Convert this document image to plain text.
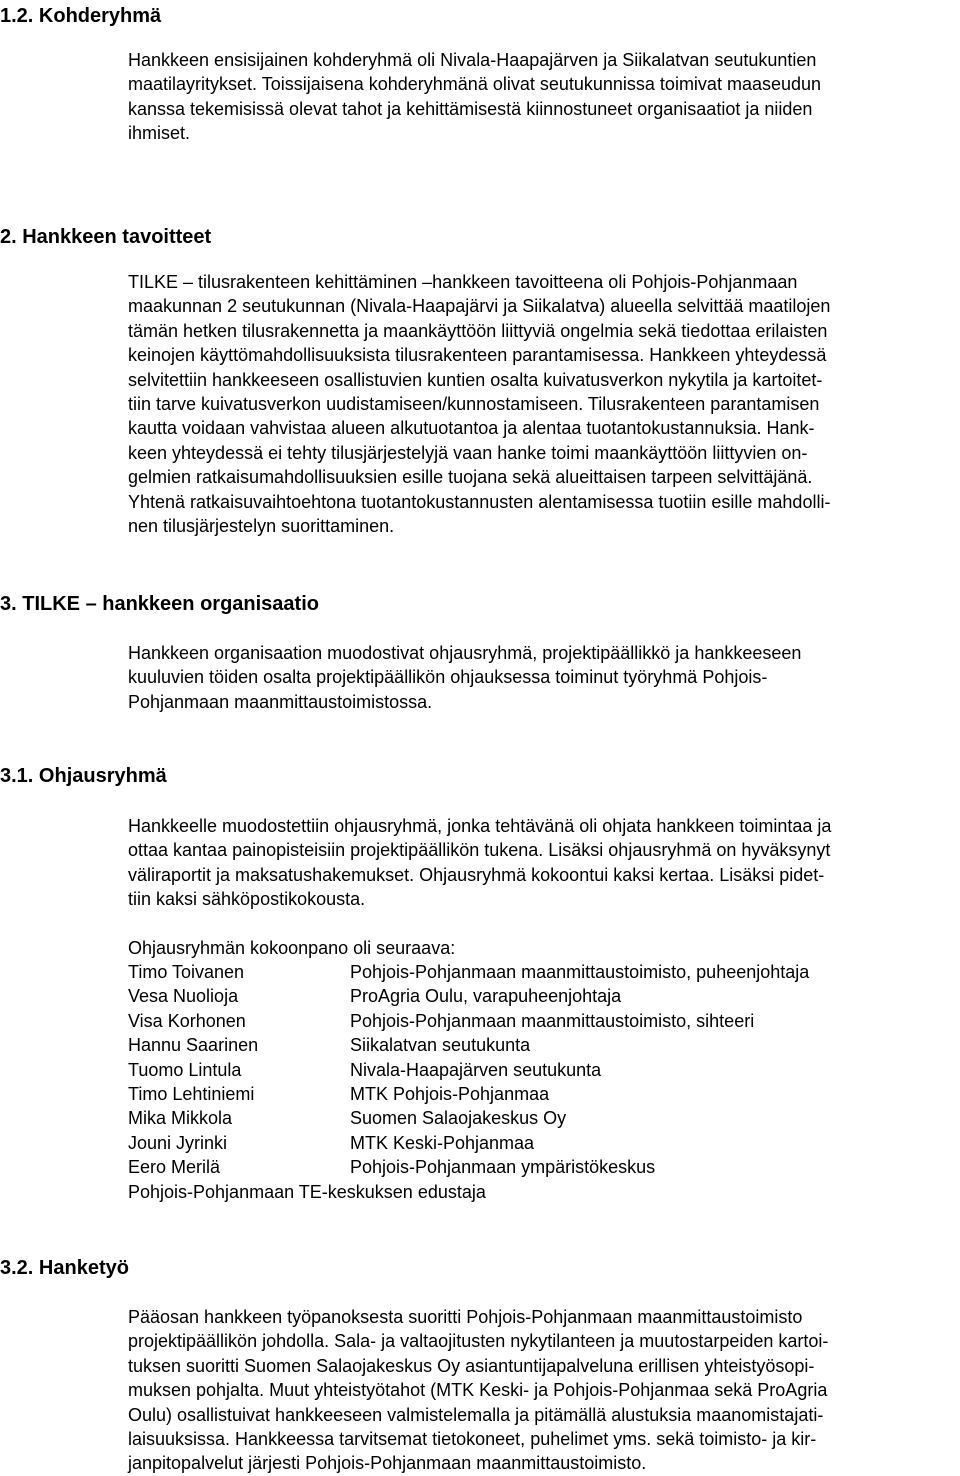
1.2. Kohderyhmä
Hankkeen ensisijainen kohderyhmä oli Nivala-Haapajärven ja Siikalatvan seutukuntien
maatilayritykset. Toissijaisena kohderyhmänä olivat seutukunnissa toimivat maaseudun
kanssa tekemisissä olevat tahot ja kehittämisestä kiinnostuneet organisaatiot ja niiden
ihmiset.
2. Hankkeen tavoitteet
TILKE – tilusrakenteen kehittäminen –hankkeen tavoitteena oli Pohjois-Pohjanmaan
maakunnan 2 seutukunnan (Nivala-Haapajärvi ja Siikalatva) alueella selvittää maatilojen
tämän hetken tilusrakennetta ja maankäyttöön liittyviä ongelmia sekä tiedottaa erilaisten
keinojen käyttömahdollisuuksista tilusrakenteen parantamisessa. Hankkeen yhteydessä
selvitettiin hankkeeseen osallistuvien kuntien osalta kuivatusverkon nykytila ja kartoitet-
tiin tarve kuivatusverkon uudistamiseen/kunnostamiseen. Tilusrakenteen parantamisen
kautta voidaan vahvistaa alueen alkutuotantoa ja alentaa tuotantokustannuksia. Hank-
keen yhteydessä ei tehty tilusjärjestelyjä vaan hanke toimi maankäyttöön liittyvien on-
gelmien ratkaisumahdollisuuksien esille tuojana sekä alueittaisen tarpeen selvittäjänä.
Yhtenä ratkaisuvaihtoehtona tuotantokustannusten alentamisessa tuotiin esille mahdolli-
nen tilusjärjestelyn suorittaminen.
3. TILKE – hankkeen organisaatio
Hankkeen organisaation muodostivat ohjausryhmä, projektipäällikkö ja hankkeeseen
kuuluvien töiden osalta projektipäällikön ohjauksessa toiminut työryhmä Pohjois-
Pohjanmaan maanmittaustoimistossa.
3.1. Ohjausryhmä
Hankkeelle muodostettiin ohjausryhmä, jonka tehtävänä oli ohjata hankkeen toimintaa ja
ottaa kantaa painopisteisiin projektipäällikön tukena. Lisäksi ohjausryhmä on hyväksynyt
väliraportit ja maksatushakemukset. Ohjausryhmä kokoontui kaksi kertaa. Lisäksi pidet-
tiin kaksi sähköpostikokousta.
Ohjausryhmän kokoonpano oli seuraava:
Timo Toivanen	Pohjois-Pohjanmaan maanmittaustoimisto, puheenjohtaja
Vesa Nuolioja	ProAgria Oulu, varapuheenjohtaja
Visa Korhonen	Pohjois-Pohjanmaan maanmittaustoimisto, sihteeri
Hannu Saarinen	Siikalatvan seutukunta
Tuomo Lintula	Nivala-Haapajärven seutukunta
Timo Lehtiniemi	MTK Pohjois-Pohjanmaa
Mika Mikkola	Suomen Salaojakeskus Oy
Jouni Jyrinki	MTK Keski-Pohjanmaa
Eero Merilä	Pohjois-Pohjanmaan ympäristökeskus
Pohjois-Pohjanmaan TE-keskuksen edustaja
3.2. Hanketyö
Pääosan hankkeen työpanoksesta suoritti Pohjois-Pohjanmaan maanmittaustoimisto
projektipäällikön johdolla. Sala- ja valtaojitusten nykytilanteen ja muutostarpeiden kartoi-
tuksen suoritti Suomen Salaojakeskus Oy asiantuntijapalveluna erillisen yhteistyösopi-
muksen pohjalta. Muut yhteistyötahot (MTK Keski- ja Pohjois-Pohjanmaa sekä ProAgria
Oulu) osallistuivat hankkeeseen valmistelemalla ja pitämällä alustuksia maanomistajati-
laisuuksissa. Hankkeessa tarvitsemat tietokoneet, puhelimet yms. sekä toimisto- ja kir-
janpitopalvelut järjesti Pohjois-Pohjanmaan maanmittaustoimisto.
